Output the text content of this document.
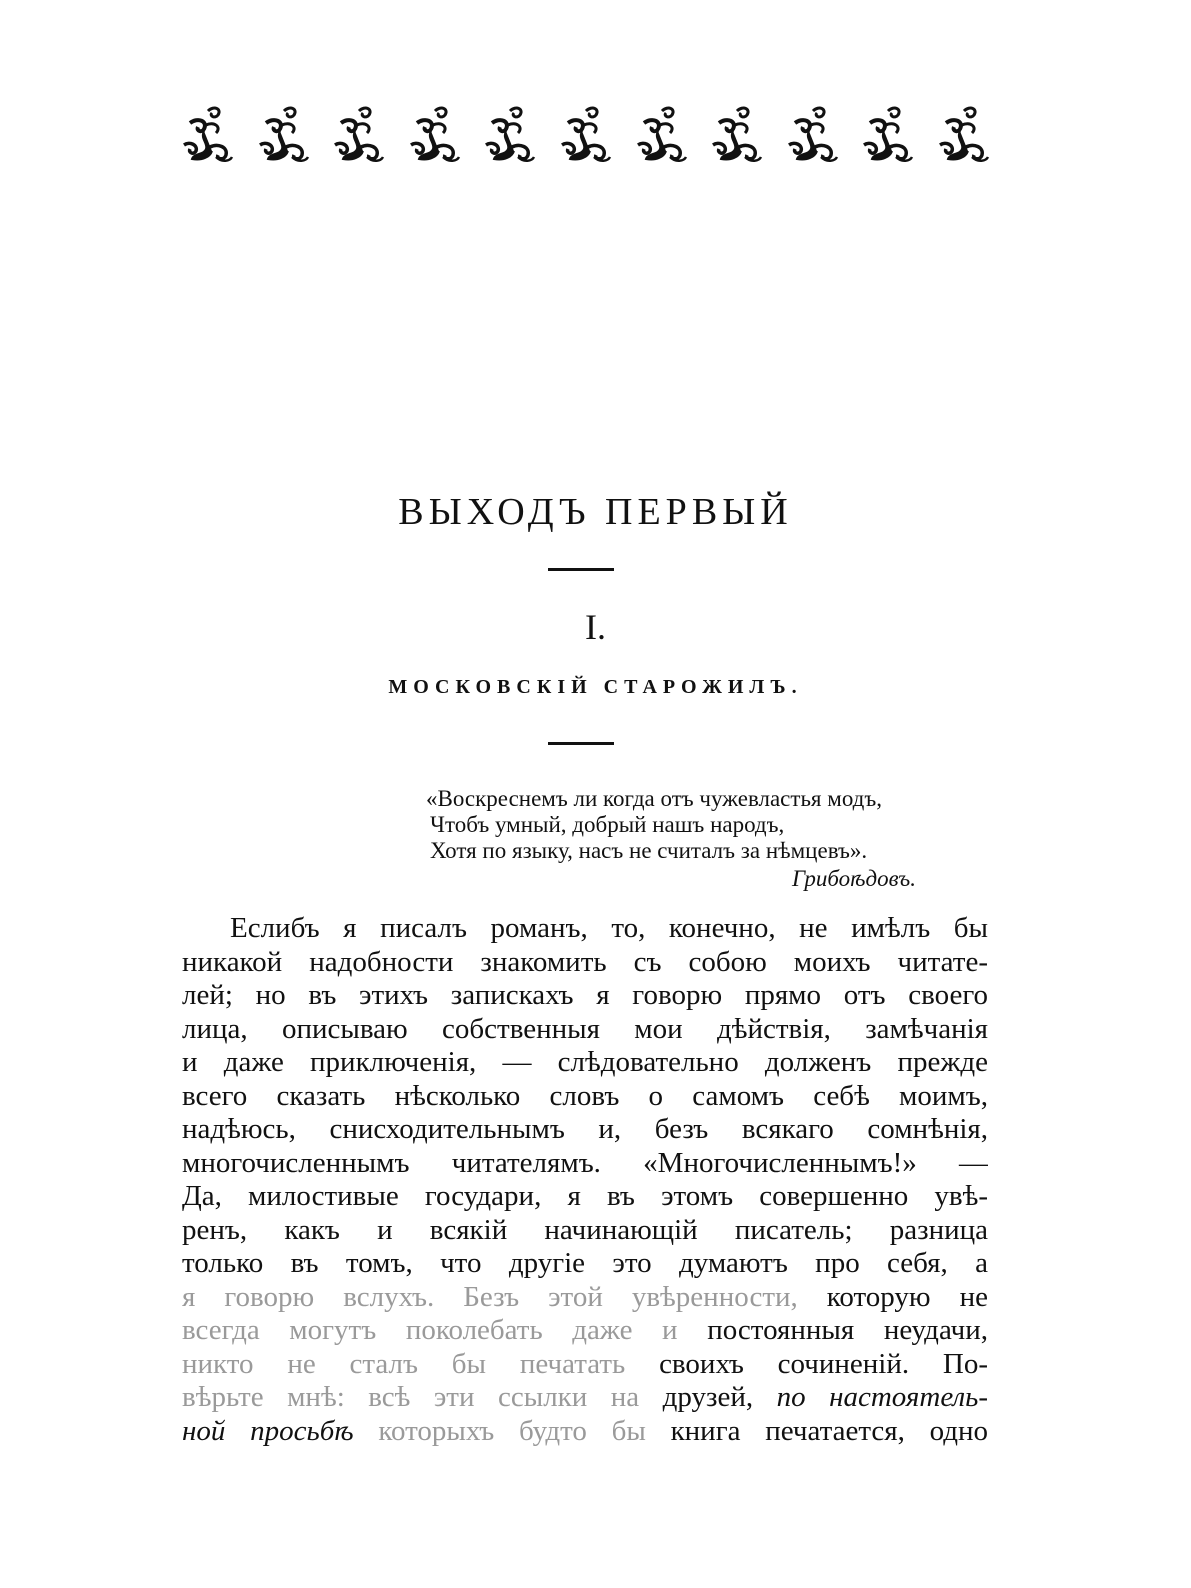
ВЫХОДЪ ПЕРВЫЙ
I.
МОСКОВСКІЙ СТАРОЖИЛЪ.
«Воскреснемъ ли когда отъ чужевластья модъ,
Чтобъ умный, добрый нашъ народъ,
Хотя по языку, насъ не считалъ за нѣмцевъ».
Грибоѣдовъ.
Еслибъ я писалъ романъ, то, конечно, не имѣлъ бы
никакой надобности знакомить съ собою моихъ читате-
лей; но въ этихъ запискахъ я говорю прямо отъ своего
лица, описываю собственныя мои дѣйствія, замѣчанія
и даже приключенія, — слѣдовательно долженъ прежде
всего сказать нѣсколько словъ о самомъ себѣ моимъ,
надѣюсь, снисходительнымъ и, безъ всякаго сомнѣнія,
многочисленнымъ читателямъ. «Многочисленнымъ!» —
Да, милостивые государи, я въ этомъ совершенно увѣ-
ренъ, какъ и всякій начинающій писатель; разница
только въ томъ, что другіе это думаютъ про себя, а
я говорю вслухъ. Безъ этой увѣренности, которую не
всегда могутъ поколебать даже и постоянныя неудачи,
никто не сталъ бы печатать своихъ сочиненій. По-
вѣрьте мнѣ: всѣ эти ссылки на друзей, по настоятель-
ной просьбѣ которыхъ будто бы книга печатается, одно
